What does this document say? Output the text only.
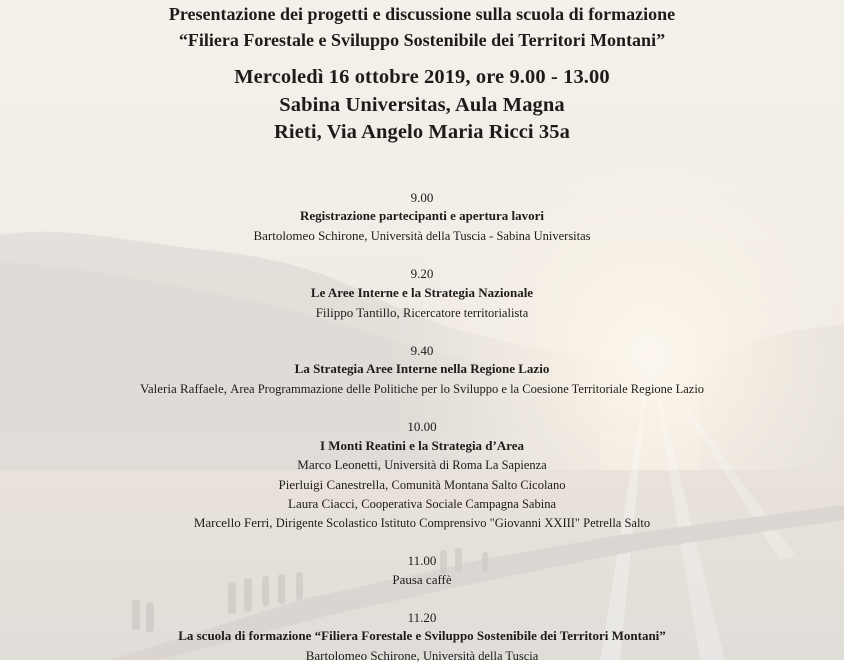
Presentazione dei progetti e discussione sulla scuola di formazione
“Filiera Forestale e Sviluppo Sostenibile dei Territori Montani”
Mercoledì 16 ottobre 2019, ore 9.00 - 13.00
Sabina Universitas, Aula Magna
Rieti, Via Angelo Maria Ricci 35a
9.00
Registrazione partecipanti e apertura lavori
Bartolomeo Schirone, Università della Tuscia - Sabina Universitas
9.20
Le Aree Interne e la Strategia Nazionale
Filippo Tantillo, Ricercatore territorialista
9.40
La Strategia Aree Interne nella Regione Lazio
Valeria Raffaele, Area Programmazione delle Politiche per lo Sviluppo e la Coesione Territoriale Regione Lazio
10.00
I Monti Reatini e la Strategia d’Area
Marco Leonetti, Università di Roma La Sapienza
Pierluigi Canestrella, Comunità Montana Salto Cicolano
Laura Ciacci, Cooperativa Sociale Campagna Sabina
Marcello Ferri, Dirigente Scolastico Istituto Comprensivo "Giovanni XXIII" Petrella Salto
11.00
Pausa caffè
11.20
La scuola di formazione “Filiera Forestale e Sviluppo Sostenibile dei Territori Montani”
Bartolomeo Schirone, Università della Tuscia
